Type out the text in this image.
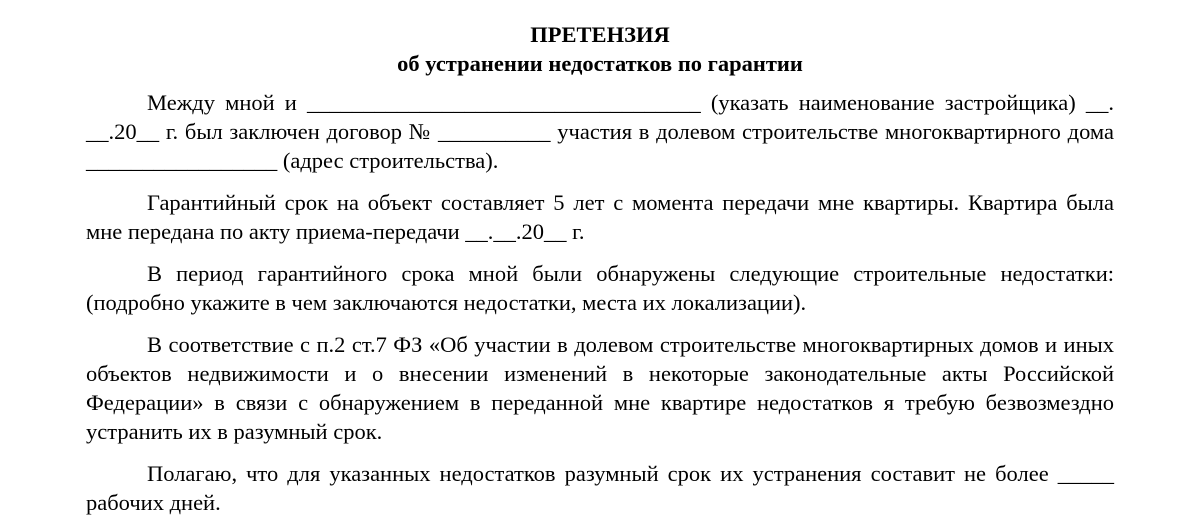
ПРЕТЕНЗИЯ

об устранении недостатков по гарантии

Между мной и ___________________________________ (указать наименование застройщика) __. __.20__ г. был заключен договор № __________ участия в долевом строительстве многоквартирного дома _________________ (адрес строительства).

Гарантийный срок на объект составляет 5 лет с момента передачи мне квартиры. Квартира была мне передана по акту приема-передачи __.__.20__ г.

В период гарантийного срока мной были обнаружены следующие строительные недостатки: (подробно укажите в чем заключаются недостатки, места их локализации).

В соответствие с п.2 ст.7 ФЗ «Об участии в долевом строительстве многоквартирных домов и иных объектов недвижимости и о внесении изменений в некоторые законодательные акты Российской Федерации» в связи с обнаружением в переданной мне квартире недостатков я требую безвозмездно устранить их в разумный срок.

Полагаю, что для указанных недостатков разумный срок их устранения составит не более _____ рабочих дней.
